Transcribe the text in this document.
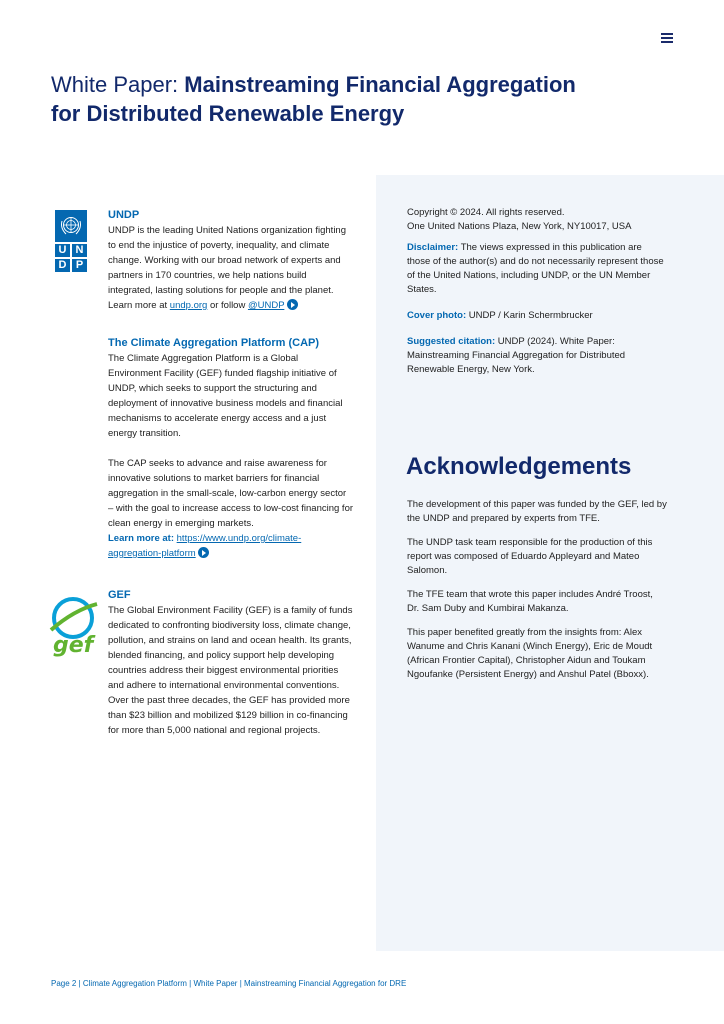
White Paper: Mainstreaming Financial Aggregation
for Distributed Renewable Energy
U N
D P
UNDP
UNDP is the leading United Nations organization fighting to end the injustice of poverty, inequality, and climate change. Working with our broad network of experts and partners in 170 countries, we help nations build integrated, lasting solutions for people and the planet.
Learn more at undp.org or follow @UNDP
The Climate Aggregation Platform (CAP)
The Climate Aggregation Platform is a Global Environment Facility (GEF) funded flagship initiative of UNDP, which seeks to support the structuring and deployment of innovative business models and financial mechanisms to accelerate energy access and a just energy transition.
The CAP seeks to advance and raise awareness for innovative solutions to market barriers for financial aggregation in the small-scale, low-carbon energy sector – with the goal to increase access to low-cost financing for clean energy in emerging markets.
Learn more at: https://www.undp.org/climate-aggregation-platform
gef
GEF
The Global Environment Facility (GEF) is a family of funds dedicated to confronting biodiversity loss, climate change, pollution, and strains on land and ocean health. Its grants, blended financing, and policy support help developing countries address their biggest environmental priorities and adhere to international environmental conventions. Over the past three decades, the GEF has provided more than $23 billion and mobilized $129 billion in co-financing for more than 5,000 national and regional projects.

Copyright © 2024. All rights reserved.

One United Nations Plaza, New York, NY10017, USA

Disclaimer: The views expressed in this publication are those of the author(s) and do not necessarily represent those of the United Nations, including UNDP, or the UN Member States.

Cover photo: UNDP / Karin Schermbrucker

Suggested citation: UNDP (2024). White Paper: Mainstreaming Financial Aggregation for Distributed Renewable Energy, New York.

Acknowledgements

The development of this paper was funded by the GEF, led by the UNDP and prepared by experts from TFE.

The UNDP task team responsible for the production of this report was composed of Eduardo Appleyard and Mateo Salomon.

The TFE team that wrote this paper includes André Troost, Dr. Sam Duby and Kumbirai Makanza.

This paper benefited greatly from the insights from: Alex Wanume and Chris Kanani (Winch Energy), Eric de Moudt (African Frontier Capital), Christopher Aidun and Toukam Ngoufanke (Persistent Energy) and Anshul Patel (Bboxx).

Page 2 | Climate Aggregation Platform | White Paper | Mainstreaming Financial Aggregation for DRE
